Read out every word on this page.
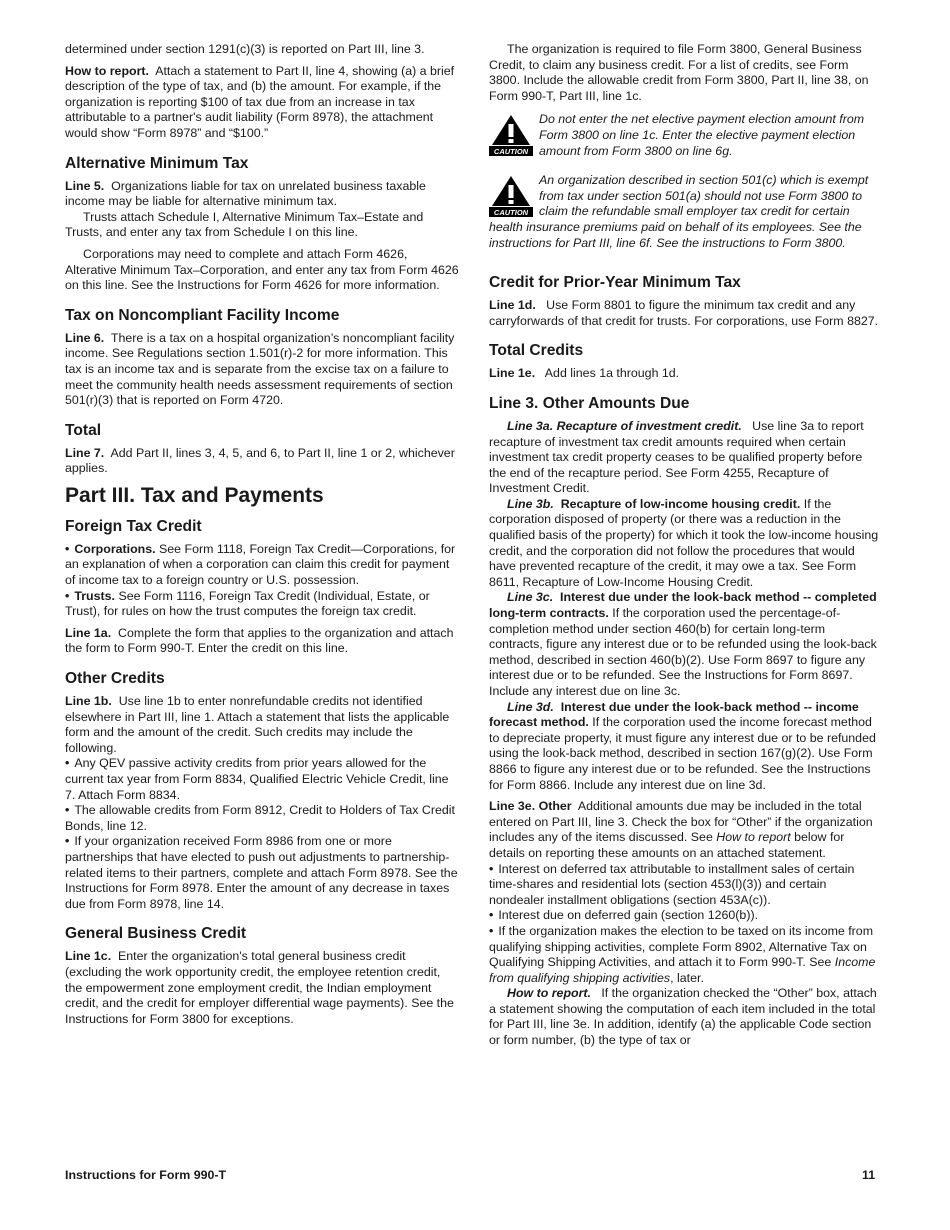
determined under section 1291(c)(3) is reported on Part III, line 3.

How to report. Attach a statement to Part II, line 4, showing (a) a brief description of the type of tax, and (b) the amount. For example, if the organization is reporting $100 of tax due from an increase in tax attributable to a partner's audit liability (Form 8978), the attachment would show “Form 8978” and “$100.”

Alternative Minimum Tax

Line 5. Organizations liable for tax on unrelated business taxable income may be liable for alternative minimum tax.

Trusts attach Schedule I, Alternative Minimum Tax–Estate and Trusts, and enter any tax from Schedule I on this line.

Corporations may need to complete and attach Form 4626, Alterative Minimum Tax–Corporation, and enter any tax from Form 4626 on this line. See the Instructions for Form 4626 for more information.

Tax on Noncompliant Facility Income

Line 6. There is a tax on a hospital organization’s noncompliant facility income. See Regulations section 1.501(r)-2 for more information. This tax is an income tax and is separate from the excise tax on a failure to meet the community health needs assessment requirements of section 501(r)(3) that is reported on Form 4720.

Total

Line 7. Add Part II, lines 3, 4, 5, and 6, to Part II, line 1 or 2, whichever applies.

Part III. Tax and Payments
Foreign Tax Credit

• Corporations. See Form 1118, Foreign Tax Credit—Corporations, for an explanation of when a corporation can claim this credit for payment of income tax to a foreign country or U.S. possession.

• Trusts. See Form 1116, Foreign Tax Credit (Individual, Estate, or Trust), for rules on how the trust computes the foreign tax credit.

Line 1a. Complete the form that applies to the organization and attach the form to Form 990-T. Enter the credit on this line.

Other Credits

Line 1b. Use line 1b to enter nonrefundable credits not identified elsewhere in Part III, line 1. Attach a statement that lists the applicable form and the amount of the credit. Such credits may include the following.

• Any QEV passive activity credits from prior years allowed for the current tax year from Form 8834, Qualified Electric Vehicle Credit, line 7. Attach Form 8834.

• The allowable credits from Form 8912, Credit to Holders of Tax Credit Bonds, line 12.

• If your organization received Form 8986 from one or more partnerships that have elected to push out adjustments to partnership-related items to their partners, complete and attach Form 8978. See the Instructions for Form 8978. Enter the amount of any decrease in taxes due from Form 8978, line 14.

General Business Credit

Line 1c. Enter the organization's total general business credit (excluding the work opportunity credit, the employee retention credit, the empowerment zone employment credit, the Indian employment credit, and the credit for employer differential wage payments). See the Instructions for Form 3800 for exceptions.

The organization is required to file Form 3800, General Business Credit, to claim any business credit. For a list of credits, see Form 3800. Include the allowable credit from Form 3800, Part II, line 38, on Form 990-T, Part III, line 1c.

CAUTION
Do not enter the net elective payment election amount from Form 3800 on line 1c. Enter the elective payment election amount from Form 3800 on line 6g.
CAUTION
An organization described in section 501(c) which is exempt from tax under section 501(a) should not use Form 3800 to claim the refundable small employer tax credit for certain health insurance premiums paid on behalf of its employees. See the instructions for Part III, line 6f. See the instructions to Form 3800.
Credit for Prior-Year Minimum Tax

Line 1d. Use Form 8801 to figure the minimum tax credit and any carryforwards of that credit for trusts. For corporations, use Form 8827.

Total Credits

Line 1e. Add lines 1a through 1d.

Line 3. Other Amounts Due

Line 3a. Recapture of investment credit. Use line 3a to report recapture of investment tax credit amounts required when certain investment tax credit property ceases to be qualified property before the end of the recapture period. See Form 4255, Recapture of Investment Credit.

Line 3b. Recapture of low-income housing credit. If the corporation disposed of property (or there was a reduction in the qualified basis of the property) for which it took the low-income housing credit, and the corporation did not follow the procedures that would have prevented recapture of the credit, it may owe a tax. See Form 8611, Recapture of Low-Income Housing Credit.

Line 3c. Interest due under the look-back method -- completed long-term contracts. If the corporation used the percentage-of-completion method under section 460(b) for certain long-term contracts, figure any interest due or to be refunded using the look-back method, described in section 460(b)(2). Use Form 8697 to figure any interest due or to be refunded. See the Instructions for Form 8697. Include any interest due on line 3c.

Line 3d. Interest due under the look-back method -- income forecast method. If the corporation used the income forecast method to depreciate property, it must figure any interest due or to be refunded using the look-back method, described in section 167(g)(2). Use Form 8866 to figure any interest due or to be refunded. See the Instructions for Form 8866. Include any interest due on line 3d.

Line 3e. Other Additional amounts due may be included in the total entered on Part III, line 3. Check the box for “Other” if the organization includes any of the items discussed. See How to report below for details on reporting these amounts on an attached statement.

• Interest on deferred tax attributable to installment sales of certain time-shares and residential lots (section 453(l)(3)) and certain nondealer installment obligations (section 453A(c)).

• Interest due on deferred gain (section 1260(b)).

• If the organization makes the election to be taxed on its income from qualifying shipping activities, complete Form 8902, Alternative Tax on Qualifying Shipping Activities, and attach it to Form 990-T. See Income from qualifying shipping activities, later.

How to report. If the organization checked the “Other” box, attach a statement showing the computation of each item included in the total for Part III, line 3e. In addition, identify (a) the applicable Code section or form number, (b) the type of tax or

Instructions for Form 990-T	11
